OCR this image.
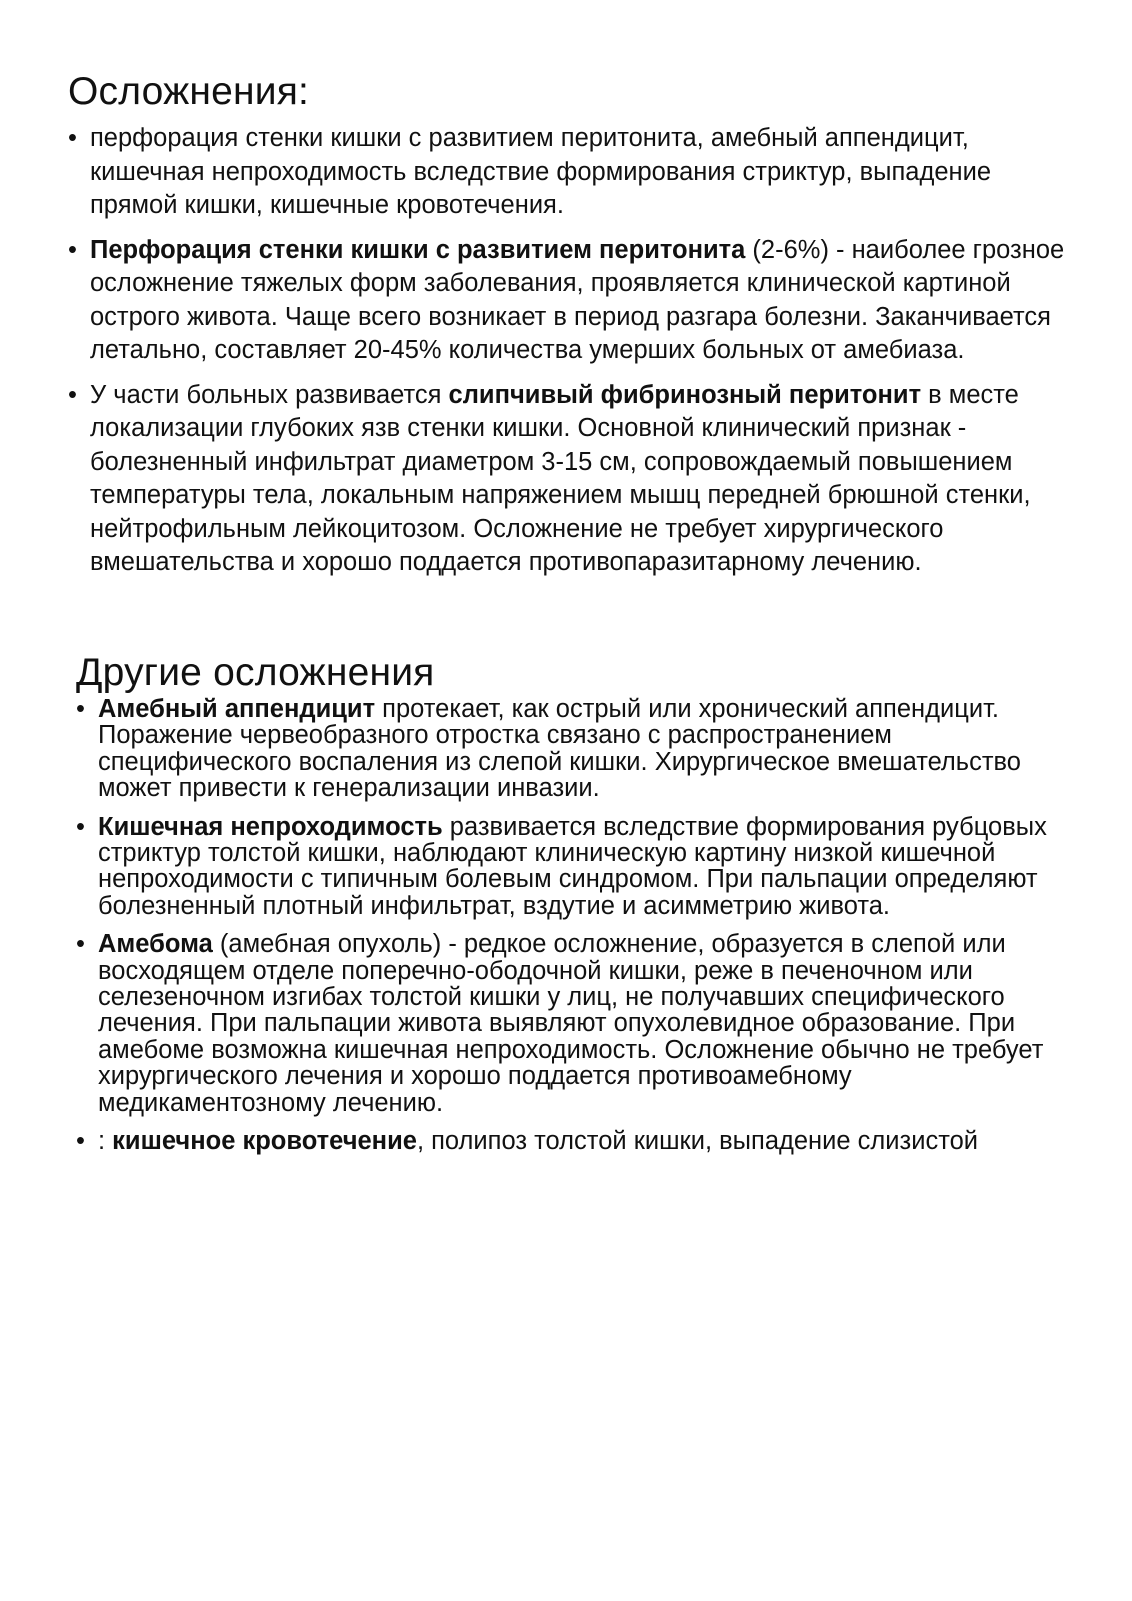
Осложнения:
• перфорация стенки кишки с развитием перитонита, амебный аппендицит, кишечная непроходимость вследствие формирования стриктур, выпадение прямой кишки, кишечные кровотечения.
• Перфорация стенки кишки с развитием перитонита (2-6%) - наиболее грозное осложнение тяжелых форм заболевания, проявляется клинической картиной острого живота. Чаще всего возникает в период разгара болезни. Заканчивается летально, составляет 20-45% количества умерших больных от амебиаза.
• У части больных развивается слипчивый фибринозный перитонит в месте локализации глубоких язв стенки кишки. Основной клинический признак - болезненный инфильтрат диаметром 3-15 см, сопровождаемый повышением температуры тела, локальным напряжением мышц передней брюшной стенки, нейтрофильным лейкоцитозом. Осложнение не требует хирургического вмешательства и хорошо поддается противопаразитарному лечению.
Другие осложнения
• Амебный аппендицит протекает, как острый или хронический аппендицит. Поражение червеобразного отростка связано с распространением специфического воспаления из слепой кишки. Хирургическое вмешательство может привести к генерализации инвазии.
• Кишечная непроходимость развивается вследствие формирования рубцовых стриктур толстой кишки, наблюдают клиническую картину низкой кишечной непроходимости с типичным болевым синдромом. При пальпации определяют болезненный плотный инфильтрат, вздутие и асимметрию живота.
• Амебома (амебная опухоль) - редкое осложнение, образуется в слепой или восходящем отделе поперечно-ободочной кишки, реже в печеночном или селезеночном изгибах толстой кишки у лиц, не получавших специфического лечения. При пальпации живота выявляют опухолевидное образование. При амебоме возможна кишечная непроходимость. Осложнение обычно не требует хирургического лечения и хорошо поддается противоамебному медикаментозному лечению.
• : кишечное кровотечение, полипоз толстой кишки, выпадение слизистой
